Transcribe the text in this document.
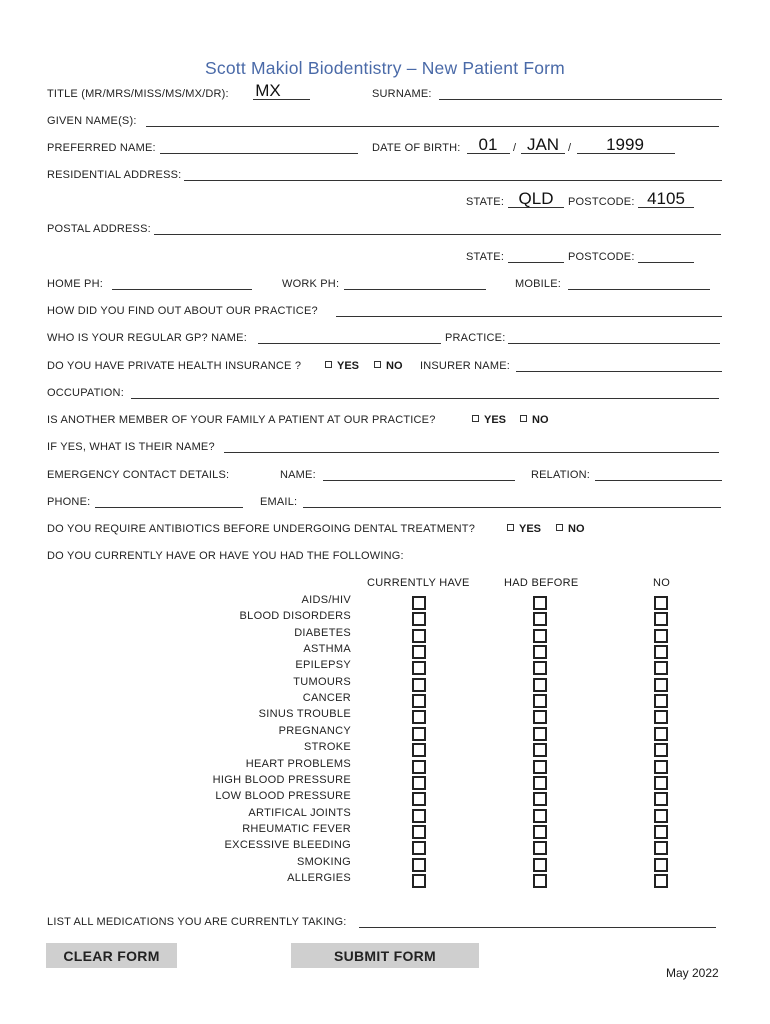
Scott Makiol Biodentistry – New Patient Form
TITLE (MR/MRS/MISS/MS/MX/DR): MX	SURNAME:
GIVEN NAME(S):
PREFERRED NAME:	DATE OF BIRTH: 01	/ JAN /	1999
RESIDENTIAL ADDRESS:
STATE: QLD	POSTCODE: 4105
POSTAL ADDRESS:
STATE:	POSTCODE:
HOME PH:	WORK PH:	MOBILE:
HOW DID YOU FIND OUT ABOUT OUR PRACTICE?
WHO IS YOUR REGULAR GP? NAME:	PRACTICE:
DO YOU HAVE PRIVATE HEALTH INSURANCE ?	YES	NO INSURER NAME:
OCCUPATION:
IS ANOTHER MEMBER OF YOUR FAMILY A PATIENT AT OUR PRACTICE?	YES	NO
IF YES, WHAT IS THEIR NAME?
EMERGENCY CONTACT DETAILS:	NAME:	RELATION:
PHONE:	EMAIL:
DO YOU REQUIRE ANTIBIOTICS BEFORE UNDERGOING DENTAL TREATMENT?	YES	NO
DO YOU CURRENTLY HAVE OR HAVE YOU HAD THE FOLLOWING:
CURRENTLY HAVE	HAD BEFORE	NO
AIDS/HIV
BLOOD DISORDERS
DIABETES
ASTHMA
EPILEPSY
TUMOURS
CANCER
SINUS TROUBLE
PREGNANCY
STROKE
HEART PROBLEMS
HIGH BLOOD PRESSURE
LOW BLOOD PRESSURE
ARTIFICAL JOINTS
RHEUMATIC FEVER
EXCESSIVE BLEEDING
SMOKING
ALLERGIES
LIST ALL MEDICATIONS YOU ARE CURRENTLY TAKING:
CLEAR FORM	SUBMIT FORM
May 2022
